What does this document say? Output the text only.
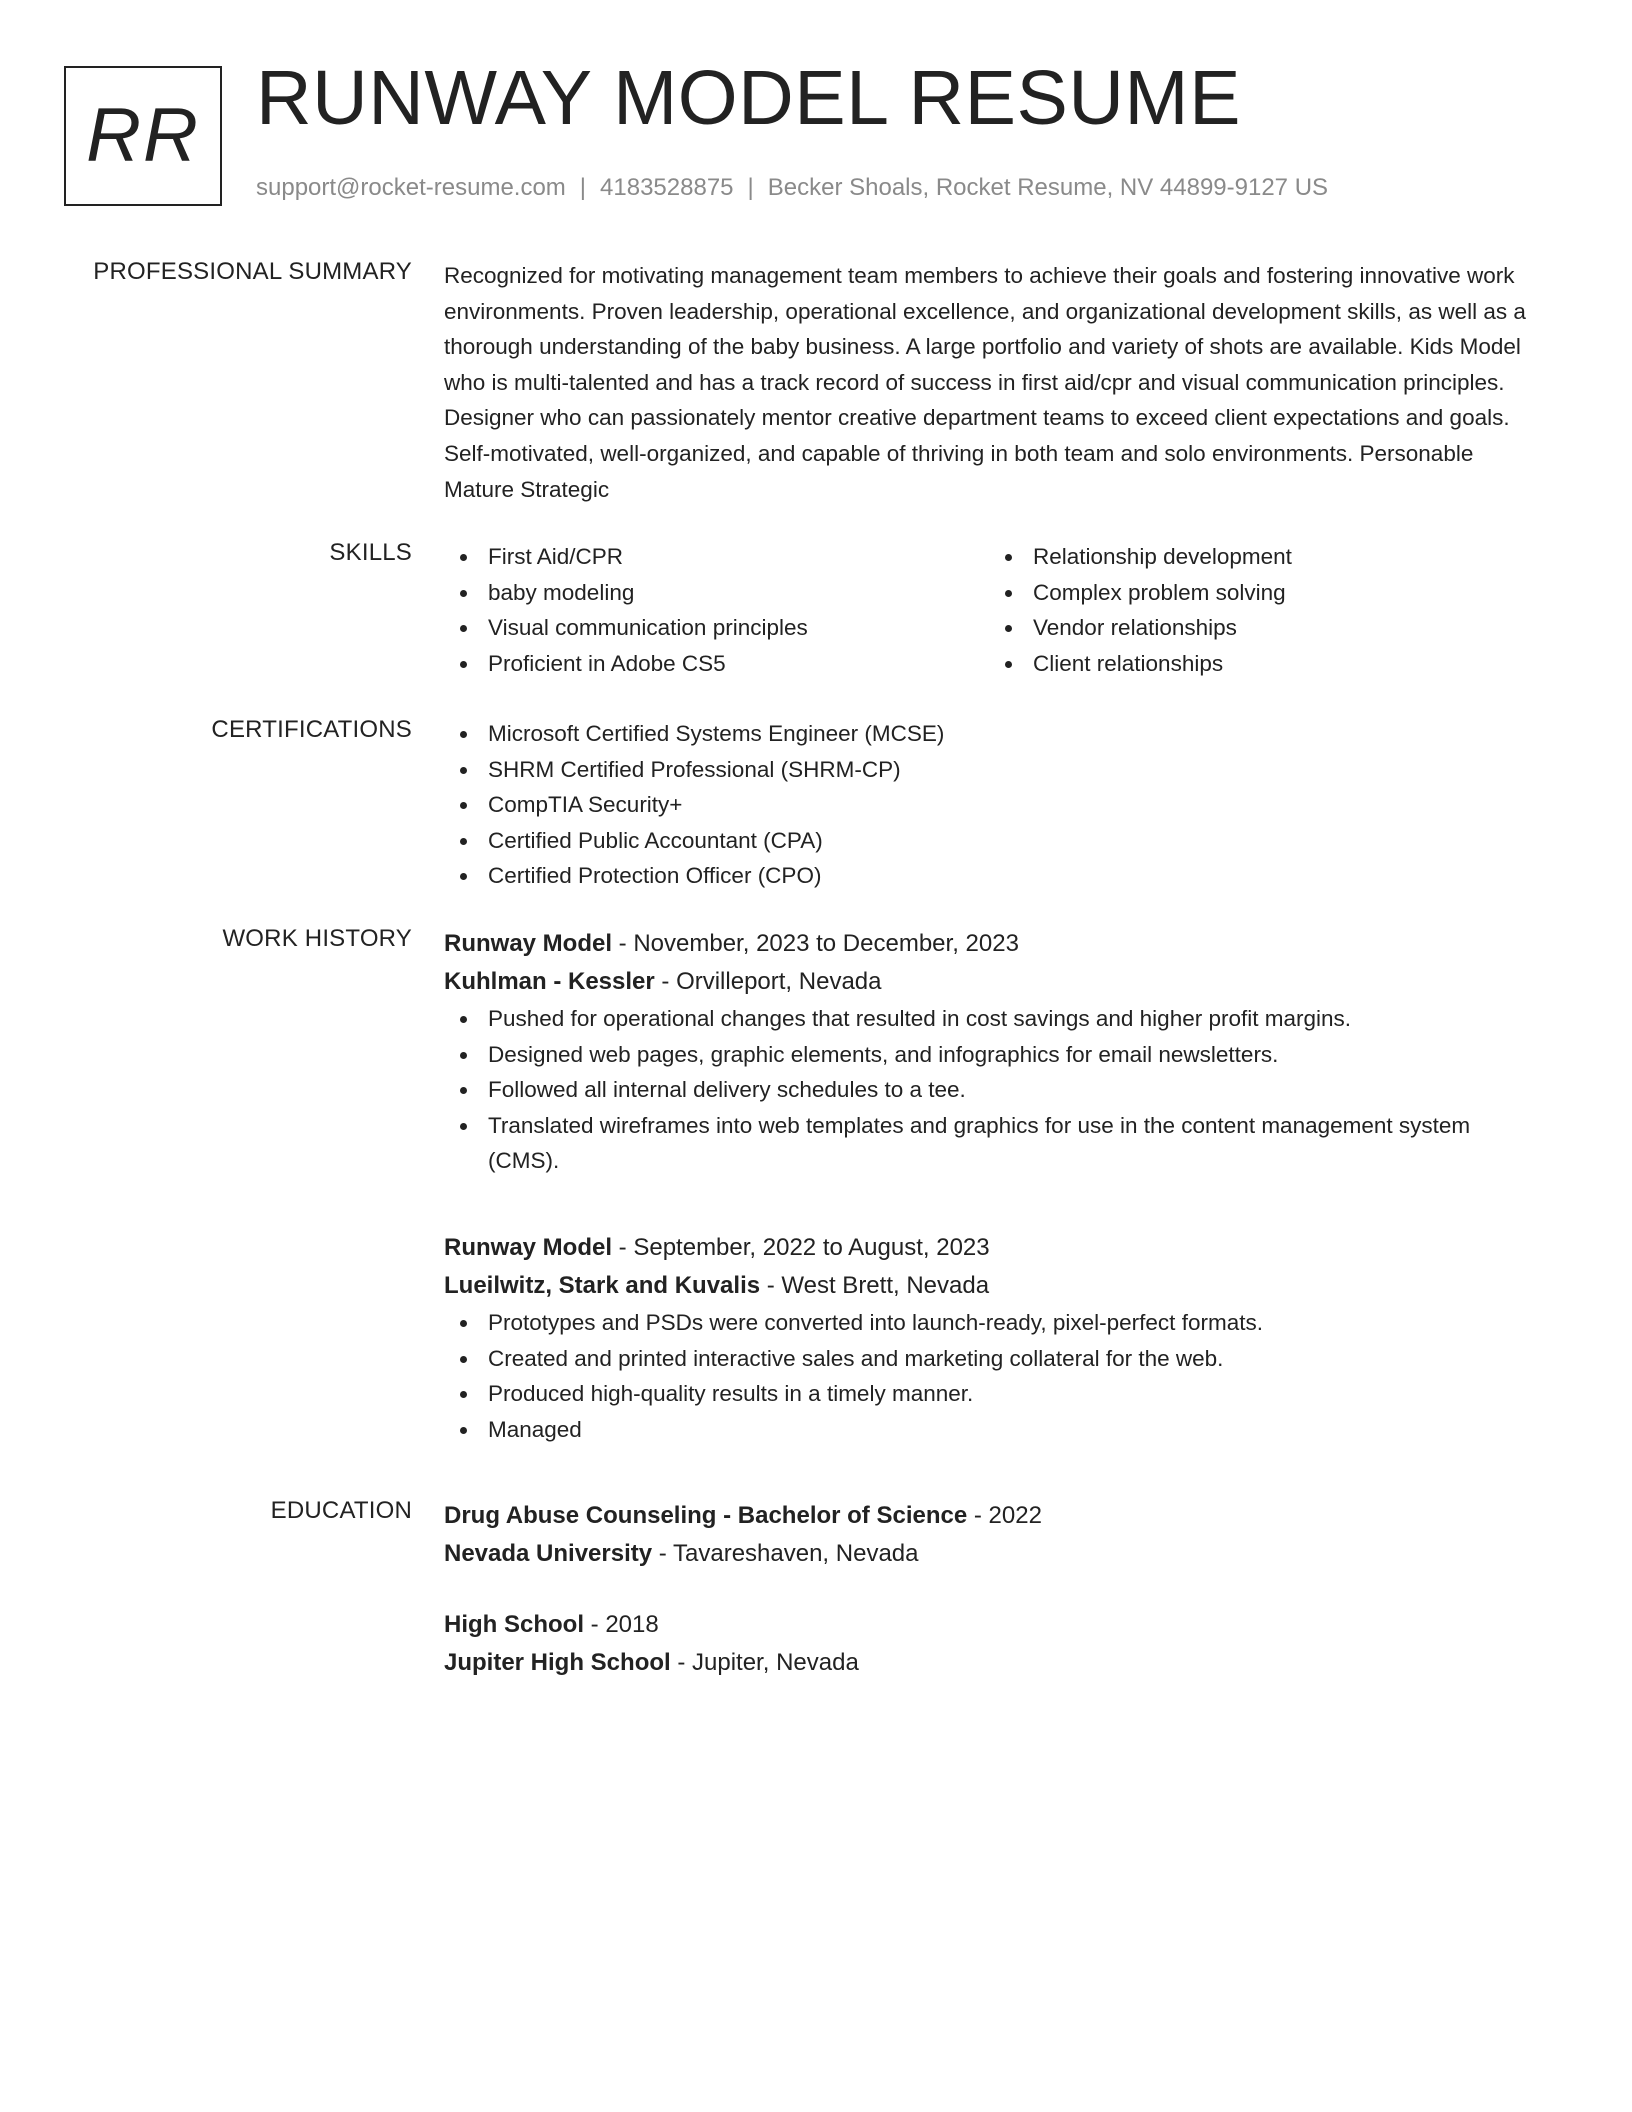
RR RUNWAY MODEL RESUME
support@rocket-resume.com | 4183528875 | Becker Shoals, Rocket Resume, NV 44899-9127 US
PROFESSIONAL SUMMARY Recognized for motivating management team members to achieve their goals and fostering innovative work environments. Proven leadership, operational excellence, and organizational development skills, as well as a thorough understanding of the baby business. A large portfolio and variety of shots are available. Kids Model who is multi-talented and has a track record of success in first aid/cpr and visual communication principles. Designer who can passionately mentor creative department teams to exceed client expectations and goals. Self-motivated, well-organized, and capable of thriving in both team and solo environments. Personable Mature Strategic

SKILLS	First Aid/CPR
baby modeling
Visual communication principles
Proficient in Adobe CS5
Relationship development
Complex problem solving
Vendor relationships
Client relationships
CERTIFICATIONS	Microsoft Certified Systems Engineer (MCSE)
SHRM Certified Professional (SHRM-CP)
CompTIA Security+
Certified Public Accountant (CPA)
Certified Protection Officer (CPO)
WORK HISTORY Runway Model - November, 2023 to December, 2023
Kuhlman - Kessler - Orvilleport, Nevada
Pushed for operational changes that resulted in cost savings and higher profit margins.
Designed web pages, graphic elements, and infographics for email newsletters.
Followed all internal delivery schedules to a tee.
Translated wireframes into web templates and graphics for use in the content management system (CMS).
Runway Model - September, 2022 to August, 2023
Lueilwitz, Stark and Kuvalis - West Brett, Nevada
Prototypes and PSDs were converted into launch-ready, pixel-perfect formats.
Created and printed interactive sales and marketing collateral for the web.
Produced high-quality results in a timely manner.
Managed
EDUCATION Drug Abuse Counseling - Bachelor of Science - 2022
Nevada University - Tavareshaven, Nevada
High School - 2018
Jupiter High School - Jupiter, Nevada
